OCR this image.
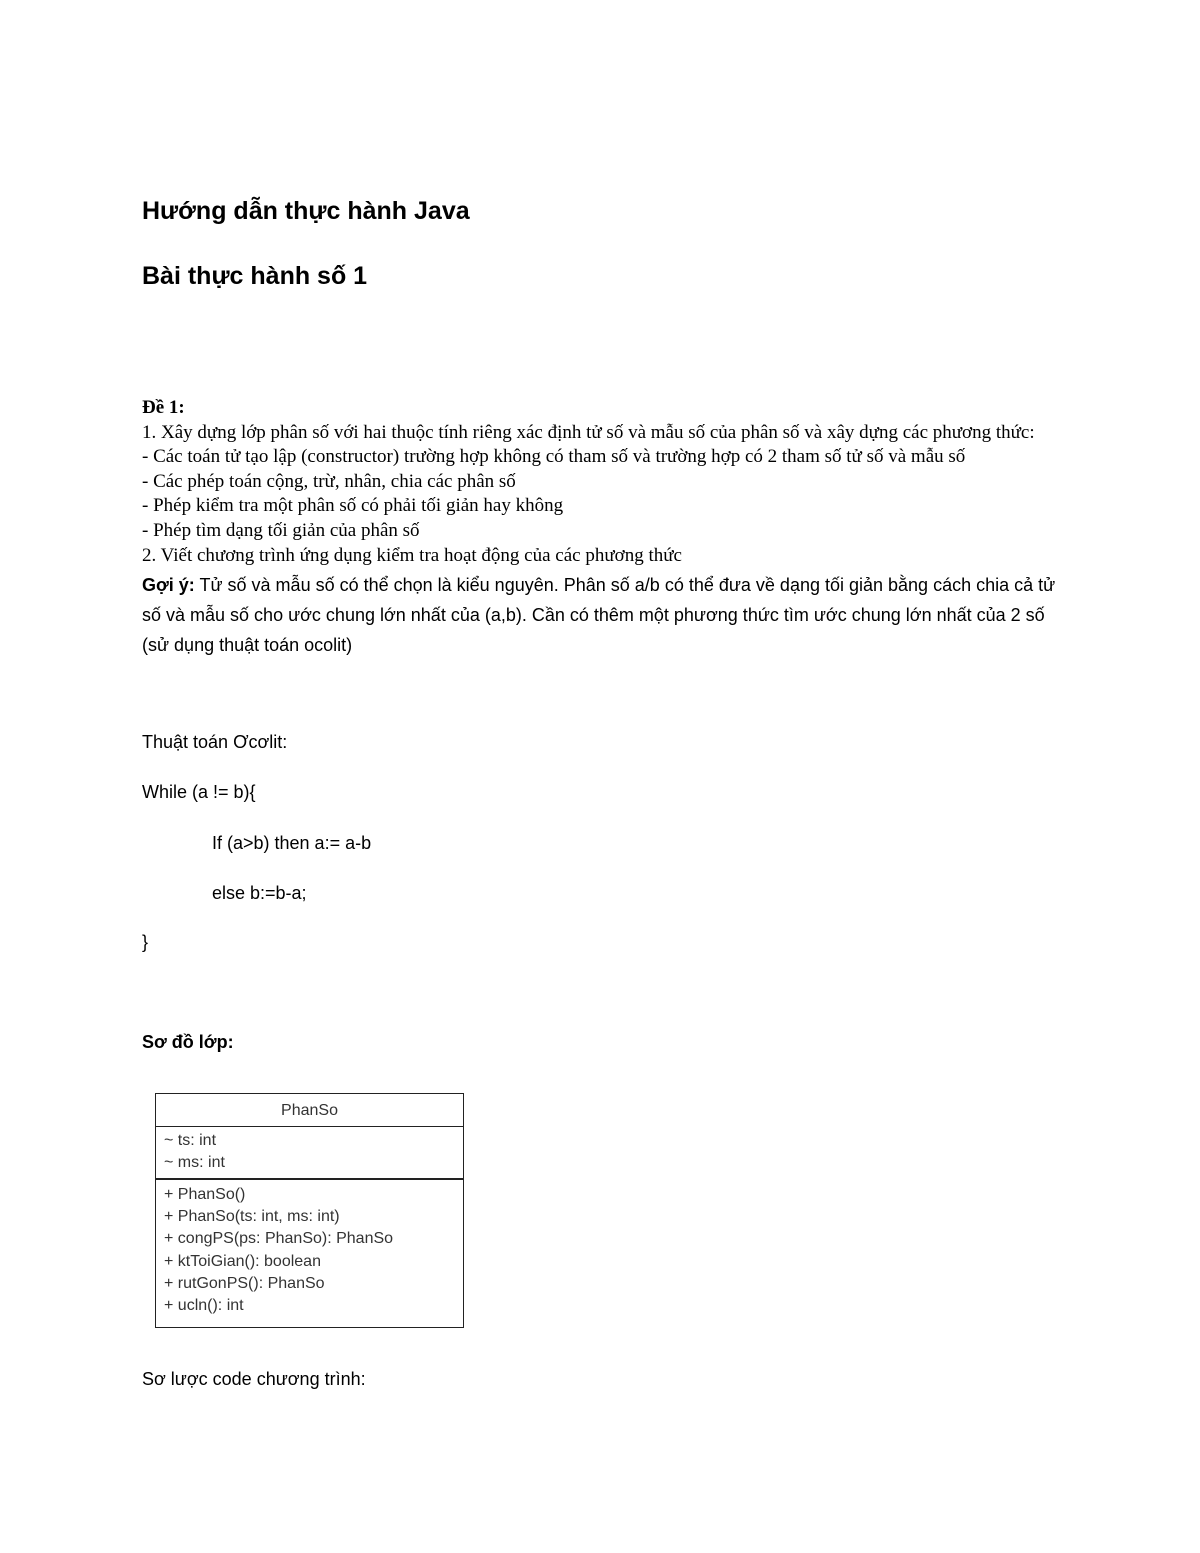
Hướng dẫn thực hành Java
Bài thực hành số 1
Đề 1:
1. Xây dựng lớp phân số với hai thuộc tính riêng xác định tử số và mẫu số của phân số và xây dựng các phương thức:
- Các toán tử tạo lập (constructor) trường hợp không có tham số và trường hợp có 2 tham số tử số và mẫu số
- Các phép toán cộng, trừ, nhân, chia các phân số
- Phép kiểm tra một phân số có phải tối giản hay không
- Phép tìm dạng tối giản của phân số
2. Viết chương trình ứng dụng kiểm tra hoạt động của các phương thức
Gợi ý: Tử số và mẫu số có thể chọn là kiểu nguyên. Phân số a/b có thể đưa về dạng tối giản bằng cách chia cả tử số và mẫu số cho ước chung lớn nhất của (a,b). Cần có thêm một phương thức tìm ước chung lớn nhất của 2 số (sử dụng thuật toán ocolit)
Thuật toán Ơcơlit:
While (a != b){
If (a>b) then a:= a-b
else b:=b-a;
}
Sơ đồ lớp:
PhanSo
~ ts: int
~ ms: int
+ PhanSo()
+ PhanSo(ts: int, ms: int)
+ congPS(ps: PhanSo): PhanSo
+ ktToiGian(): boolean
+ rutGonPS(): PhanSo
+ ucln(): int
Sơ lược code chương trình:
